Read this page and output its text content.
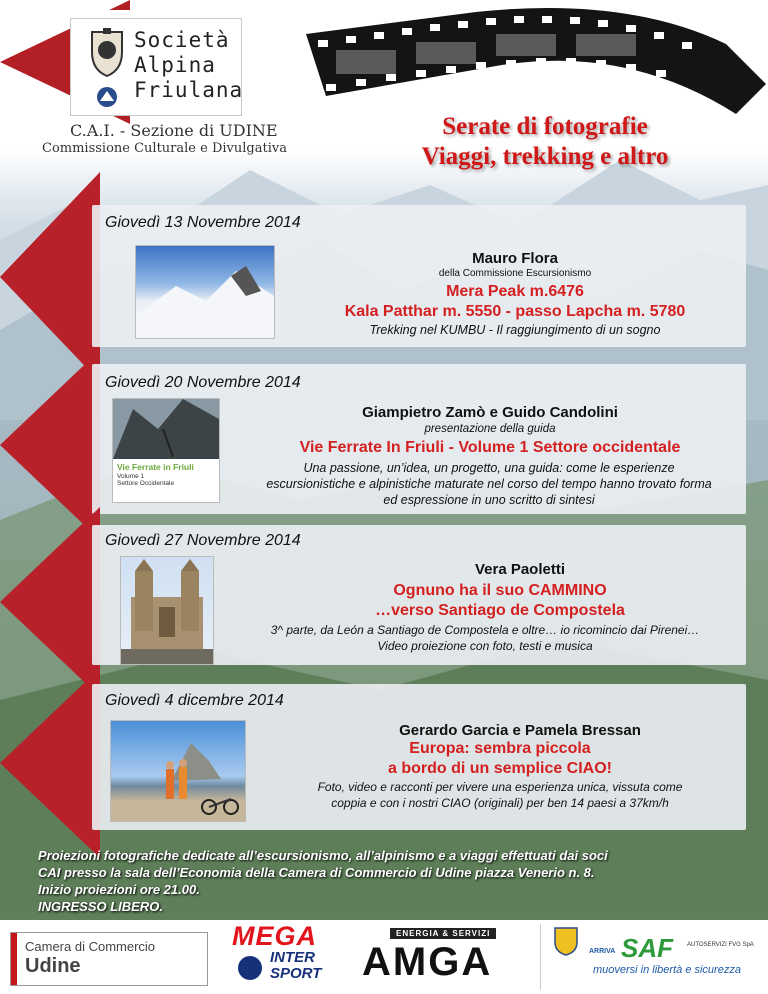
Società
Alpina
Friulana
C.A.I. - Sezione di UDINE
Commissione Culturale e Divulgativa
Serate di fotografie
Viaggi, trekking e altro
Giovedì 13 Novembre 2014
Mauro Flora
della Commissione Escursionismo
Mera Peak m.6476
Kala Patthar m. 5550 - passo Lapcha m. 5780
Trekking nel KUMBU - Il raggiungimento di un sogno
Giovedì 20 Novembre 2014
Vie Ferrate in Friuli
Volume 1
Settore Occidentale
Giampietro Zamò e Guido Candolini
presentazione della guida
Vie Ferrate In Friuli - Volume 1 Settore occidentale
Una passione, un’idea, un progetto, una guida: come le esperienze
escursionistiche e alpinistiche maturate nel corso del tempo hanno trovato forma
ed espressione in uno scritto di sintesi
Giovedì 27 Novembre 2014
Vera Paoletti
Ognuno ha il suo CAMMINO
…verso Santiago de Compostela
3^ parte, da León a Santiago de Compostela e oltre… io ricomincio dai Pirenei…
Video proiezione con foto, testi e musica
Giovedì 4 dicembre 2014
Gerardo Garcia e Pamela Bressan
Europa: sembra piccola
a bordo di un semplice CIAO!
Foto, video e racconti per vivere una esperienza unica, vissuta come
coppia e con i nostri CIAO (originali) per ben 14 paesi a 37km/h
Proiezioni fotografiche dedicate all’escursionismo, all’alpinismo e a viaggi effettuati dai soci
CAI presso la sala dell’Economia della Camera di Commercio di Udine piazza Venerio n. 8.
Inizio proiezioni ore 21.00.
INGRESSO LIBERO.
Camera di Commercio
Udine
MEGA
INTER
SPORT
ENERGIA & SERVIZI
AMGA	ARRIVA SAF AUTOSERVIZI FVG SpA
muoversi in libertà e sicurezza
